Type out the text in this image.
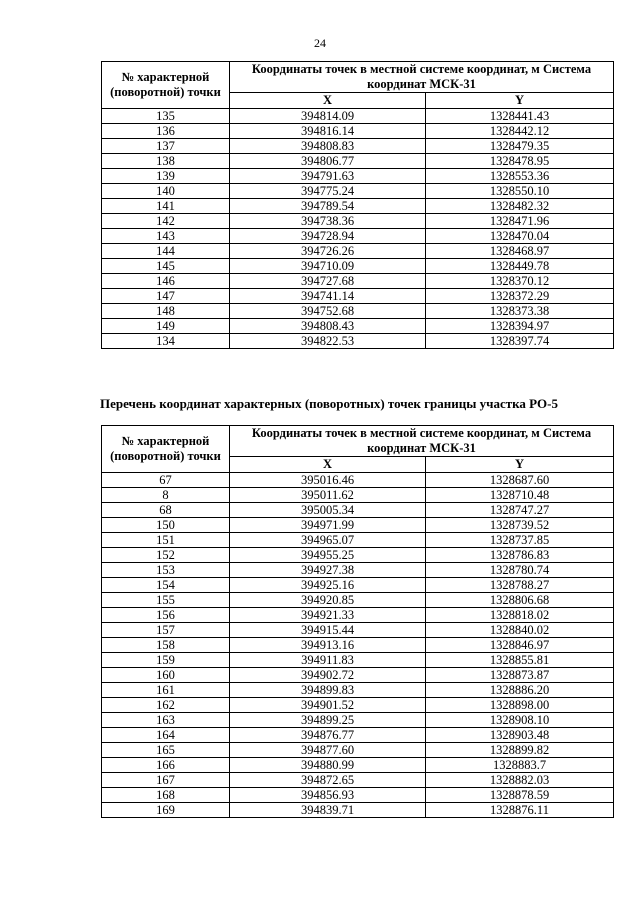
24
№ характерной (поворотной) точки	Координаты точек в местной системе координат, м Система координат МСК-31	
	X	Y
135	394814.09	1328441.43
136	394816.14	1328442.12
137	394808.83	1328479.35
138	394806.77	1328478.95
139	394791.63	1328553.36
140	394775.24	1328550.10
141	394789.54	1328482.32
142	394738.36	1328471.96
143	394728.94	1328470.04
144	394726.26	1328468.97
145	394710.09	1328449.78
146	394727.68	1328370.12
147	394741.14	1328372.29
148	394752.68	1328373.38
149	394808.43	1328394.97
134	394822.53	1328397.74
Перечень координат характерных (поворотных) точек границы участка РО-5
№ характерной (поворотной) точки	Координаты точек в местной системе координат, м Система координат МСК-31	
	X	Y
67	395016.46	1328687.60
8	395011.62	1328710.48
68	395005.34	1328747.27
150	394971.99	1328739.52
151	394965.07	1328737.85
152	394955.25	1328786.83
153	394927.38	1328780.74
154	394925.16	1328788.27
155	394920.85	1328806.68
156	394921.33	1328818.02
157	394915.44	1328840.02
158	394913.16	1328846.97
159	394911.83	1328855.81
160	394902.72	1328873.87
161	394899.83	1328886.20
162	394901.52	1328898.00
163	394899.25	1328908.10
164	394876.77	1328903.48
165	394877.60	1328899.82
166	394880.99	1328883.7
167	394872.65	1328882.03
168	394856.93	1328878.59
169	394839.71	1328876.11
